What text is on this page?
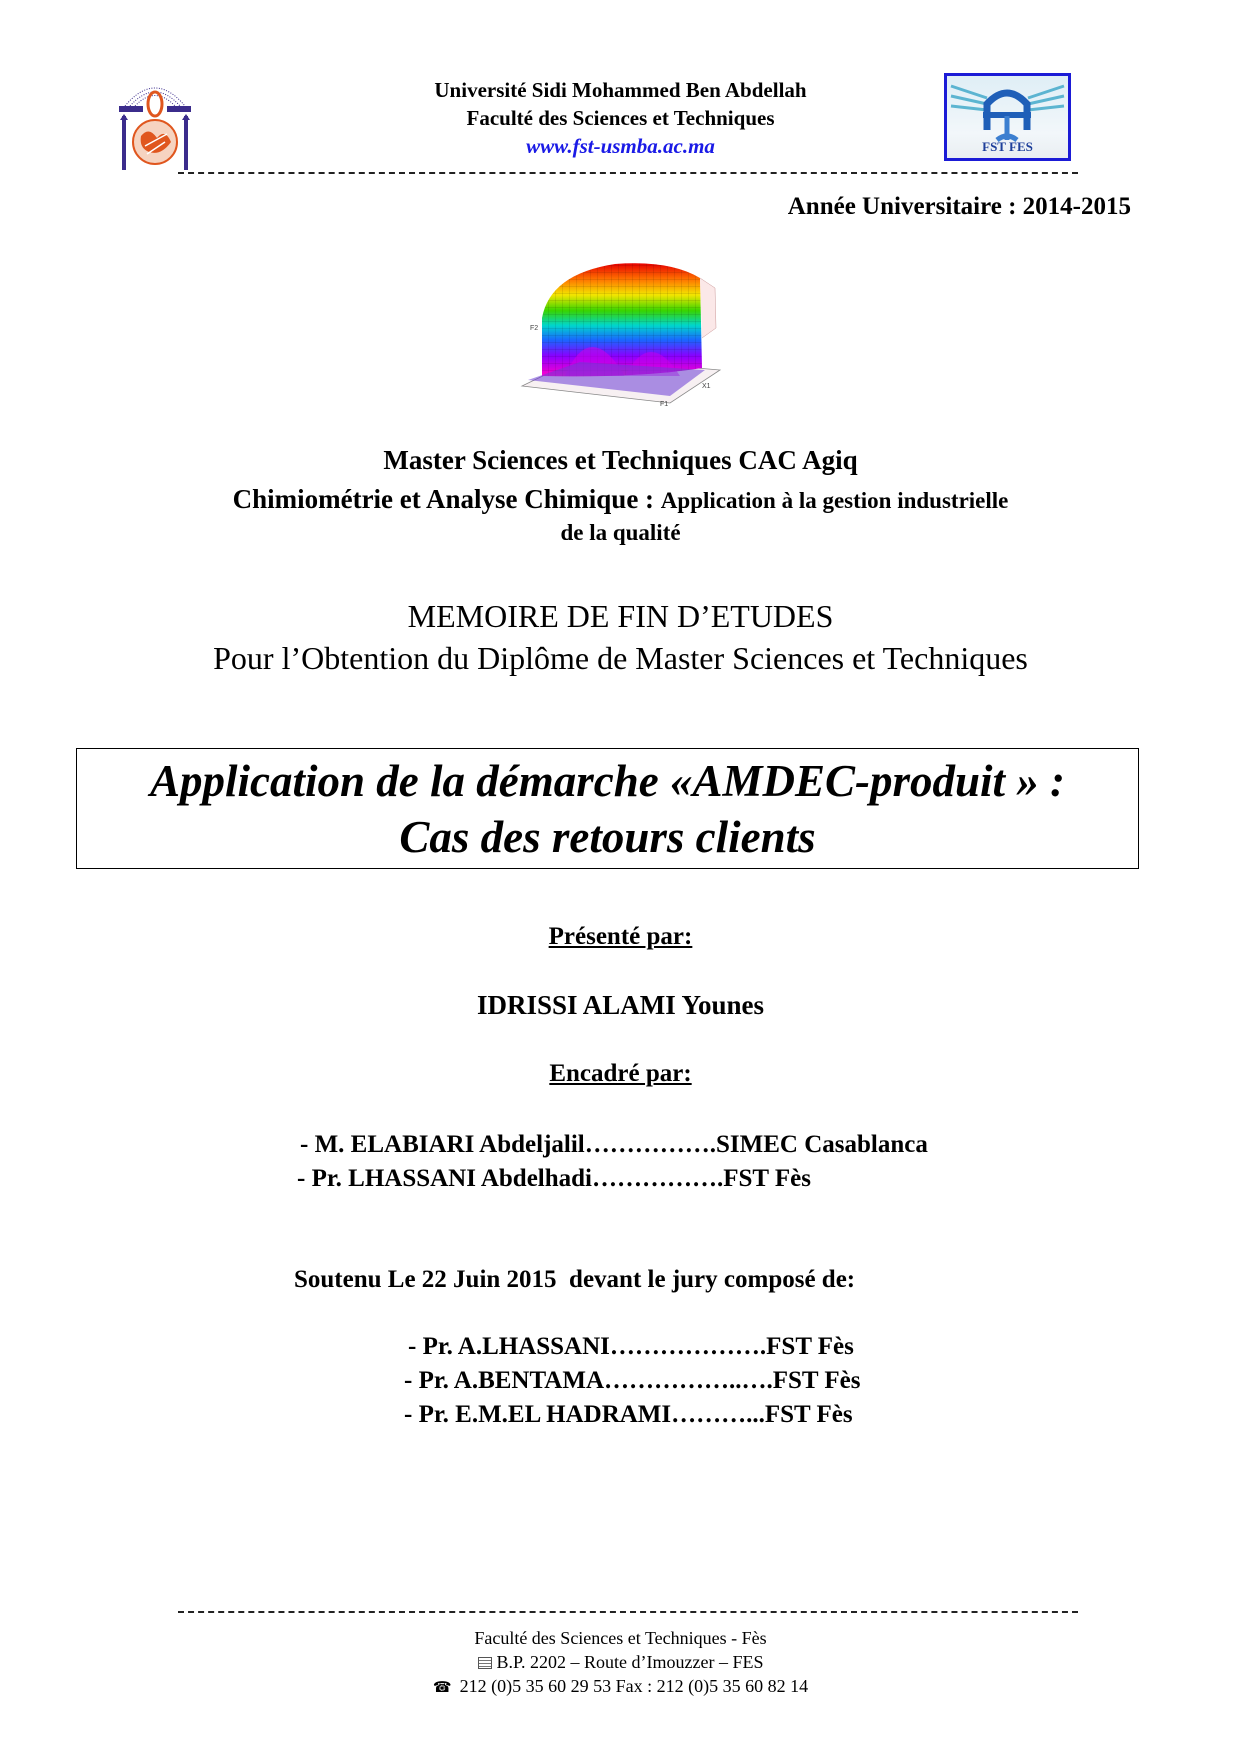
Université Sidi Mohammed Ben Abdellah
Faculté des Sciences et Techniques
www.fst-usmba.ac.ma	FST FES
Année Universitaire : 2014-2015
F2
X1
F1
Master Sciences et Techniques CAC Agiq
Chimiométrie et Analyse Chimique : Application à la gestion industrielle
de la qualité
MEMOIRE DE FIN D’ETUDES
Pour l’Obtention du Diplôme de Master Sciences et Techniques
Application de la démarche «AMDEC-produit » :
Cas des retours clients
Présenté par:
IDRISSI ALAMI Younes
Encadré par:
- M. ELABIARI Abdeljalil…………….SIMEC Casablanca
- Pr. LHASSANI Abdelhadi…………….FST Fès
Soutenu Le 22 Juin 2015  devant le jury composé de:
- Pr. A.LHASSANI……………….FST Fès
- Pr. A.BENTAMA……………..….FST Fès
- Pr. E.M.EL HADRAMI………...FST Fès
Faculté des Sciences et Techniques - Fès
B.P. 2202 – Route d’Imouzzer – FES
☎ 212 (0)5 35 60 29 53 Fax : 212 (0)5 35 60 82 14
